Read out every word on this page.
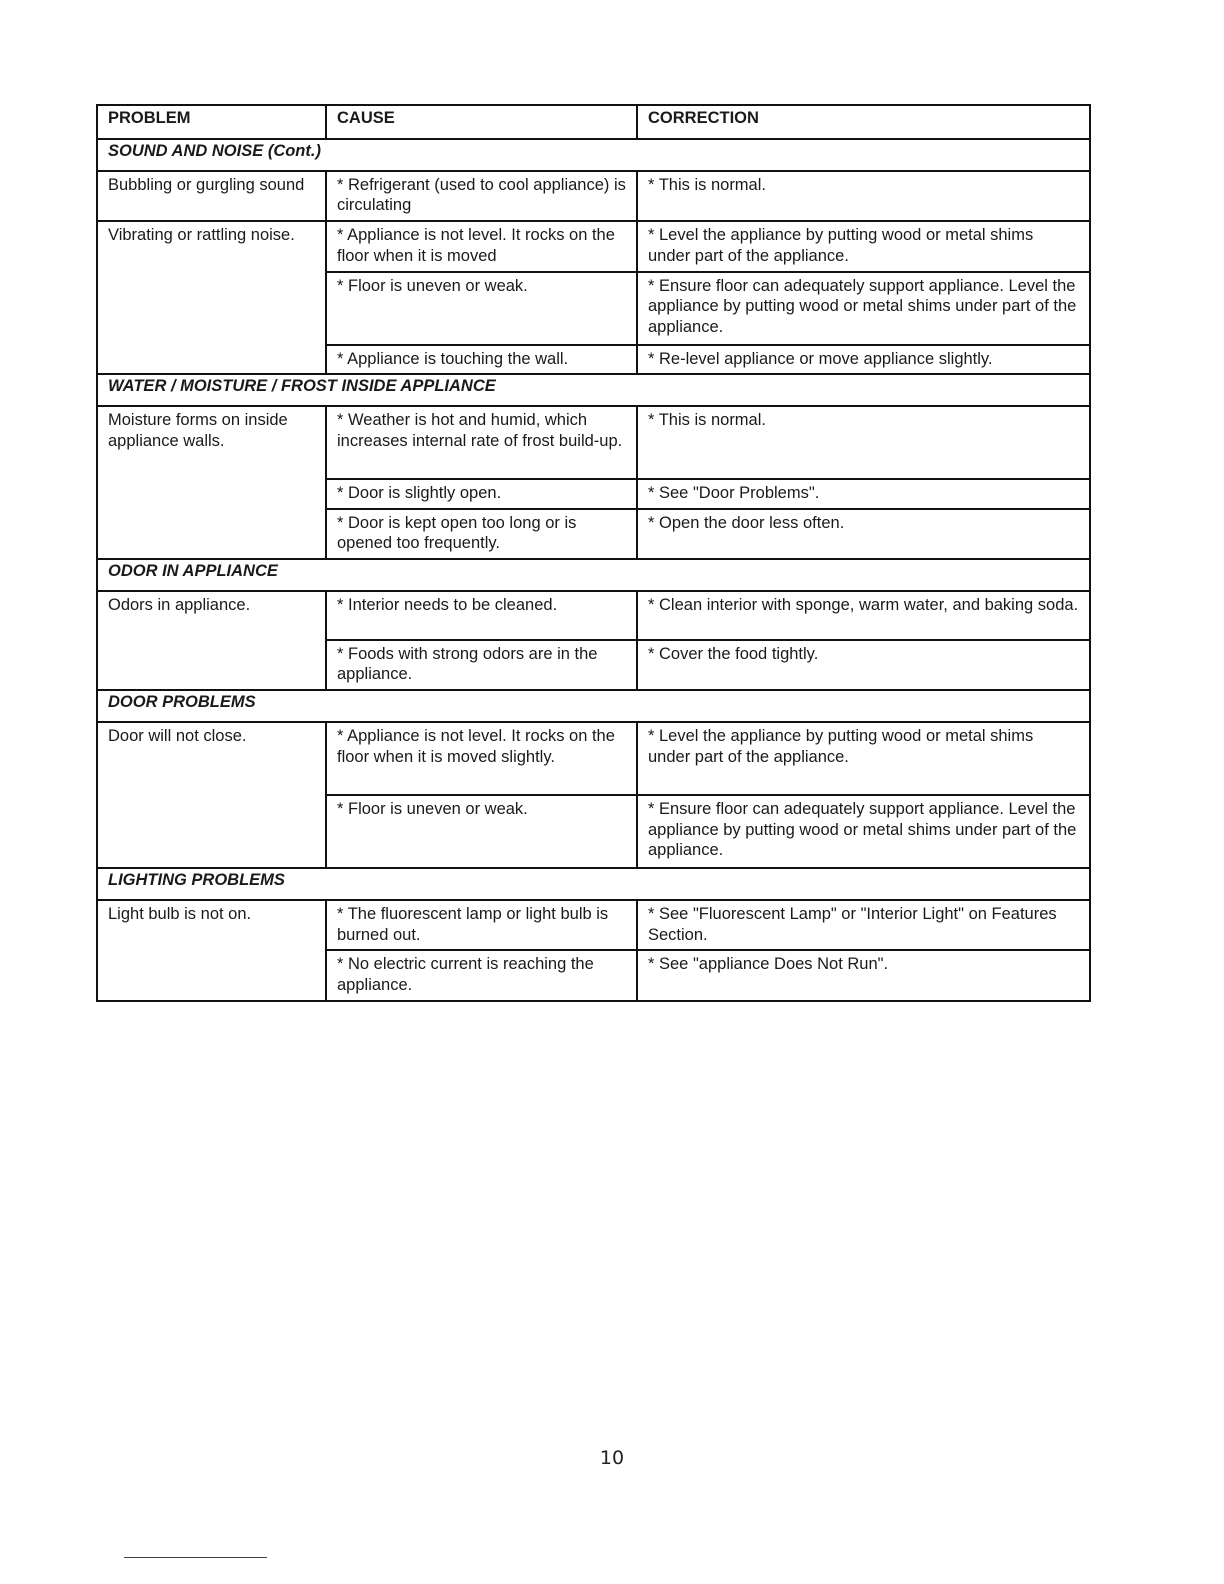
PROBLEM	CAUSE	CORRECTION
SOUND AND NOISE (Cont.)		
Bubbling or gurgling sound	* Refrigerant (used to cool appliance) is circulating	* This is normal.
Vibrating or rattling noise.	* Appliance is not level. It rocks on the floor when it is moved	* Level the appliance by putting wood or metal shims under part of the appliance.
	* Floor is uneven or weak.	* Ensure floor can adequately support appliance. Level the appliance by putting wood or metal shims under part of the appliance.
	* Appliance is touching the wall.	* Re-level appliance or move appliance slightly.
WATER / MOISTURE / FROST INSIDE APPLIANCE		
Moisture forms on inside appliance walls.	* Weather is hot and humid, which increases internal rate of frost build-up.	* This is normal.
	* Door is slightly open.	* See "Door Problems".
	* Door is kept open too long or is opened too frequently.	* Open the door less often.
ODOR IN APPLIANCE		
Odors in appliance.	* Interior needs to be cleaned.	* Clean interior with sponge, warm water, and baking soda.
	* Foods with strong odors are in the appliance.	* Cover the food tightly.
DOOR PROBLEMS		
Door will not close.	* Appliance is not level. It rocks on the floor when it is moved slightly.	* Level the appliance by putting wood or metal shims under part of the appliance.
	* Floor is uneven or weak.	* Ensure floor can adequately support appliance. Level the appliance by putting wood or metal shims under part of the appliance.
LIGHTING PROBLEMS		
Light bulb is not on.	* The fluorescent lamp or light bulb is burned out.	* See "Fluorescent Lamp" or "Interior Light" on Features Section.
	* No electric current is reaching the appliance.	* See "appliance Does Not Run".
10
